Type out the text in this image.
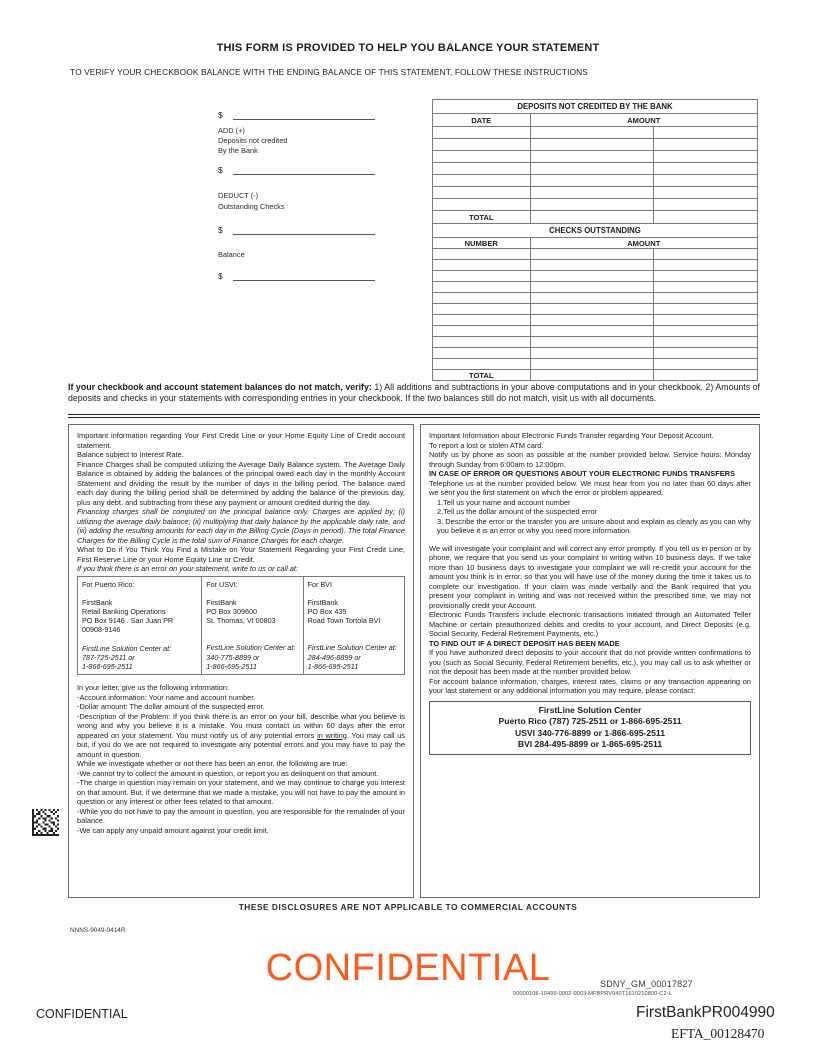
THIS FORM IS PROVIDED TO HELP YOU BALANCE YOUR STATEMENT
TO VERIFY YOUR CHECKBOOK BALANCE WITH THE ENDING BALANCE OF THIS STATEMENT, FOLLOW THESE INSTRUCTIONS
$
ADD (+)
Deposits not credited
By the Bank
$
DEDUCT (-)
Outstanding Checks
$
Balance
$
DEPOSITS NOT CREDITED BY THE BANK		
DATE	AMOUNT	

TOTAL		
CHECKS OUTSTANDING		
NUMBER	AMOUNT	

TOTAL		
If your checkbook and account statement balances do not match, verify: 1) All additions and subtractions in your above computations and in your checkbook. 2) Amounts of deposits and checks in your statements with corresponding entries in your checkbook. If the two balances still do not match, visit us with all documents.

Important information regarding Your First Credit Line or your Home Equity Line of Credit account statement.

Balance subject to Interest Rate.

Finance Charges shall be computed utilizing the Average Daily Balance system. The Average Daily Balance is obtained by adding the balances of the principal owed each day in the monthly Account Statement and dividing the result by the number of days in the billing period. The balance owed each day during the billing period shall be determined by adding the balance of the previous day, plus any debt, and subtracting from these any payment or amount credited during the day.

Financing charges shall be computed on the principal balance only. Charges are applied by; (i) utilizing the average daily balance; (ii) multiplying that daily balance by the applicable daily rate, and (iii) adding the resulting amounts for each day in the Billing Cycle (Days in period). The total Finance Charges for the Billing Cycle is the total sum of Finance Charges for each charge.

What to Do if You Think You Find a Mistake on Your Statement Regarding your First Credit Line, First Reserve Line or your Home Equity Line or Credit.

If you think there is an error on your statement, write to us or call at:

For Puerto Rico:
FirstBank
Retail Banking Operations
PO Box 9146 . San Juan PR
00908-9146
FirstLine Solution Center at:
787-725-2511 or
1-866-695-2511

For USVI:
FirstBank
PO Box 309600
St. Thomas, VI 00803
FirstLine Solution Center at:
340-775-8899 or
1-866-695-2511

For BVI
FirstBank
PO Box 435
Road Town Tortola BVI
FirstLine Solution Center at:
284-496-8899 or
1-866-695-2511
In your letter, give us the following information:
-Account information: Your name and account number.
-Dollar amount: The dollar amount of the suspected error.
-Description of the Problem: If you think there is an error on your bill, describe what you believe is wrong and why you believe it is a mistake. You must contact us within 60 days after the error appeared on your statement. You must notify us of any potential errors in writing. You may call us but, if you do we are not required to investigate any potential errors and you may have to pay the amount in question.
While we investigate whether or not there has been an error, the following are true:
-We cannot try to collect the amount in question, or report you as delinquent on that amount.
-The charge in question may remain on your statement, and we may continue to charge you interest on that amount. But, if we determine that we made a mistake, you will not have to pay the amount in question or any interest or other fees related to that amount.
-While you do not have to pay the amount in question, you are responsible for the remainder of your balance.
-We can apply any unpaid amount against your credit limit.

Important Information about Electronic Funds Transfer regarding Your Deposit Account.

To report a lost or stolen ATM card.

Notify us by phone as soon as possible at the number provided below. Service hours: Monday through Sunday from 6:00am to 12:00pm.

IN CASE OF ERROR OR QUESTIONS ABOUT YOUR ELECTRONIC FUNDS TRANSFERS

Telephone us at the number provided below. We must hear from you no later than 60 days after we sent you the first statement on which the error or problem appeared.

1.Tell us your name and account number
2.Tell us the dollar amount of the suspected error
3. Describe the error or the transfer you are unsure about and explain as clearly as you can why you believe it is an error or why you need more information.

We will investigate your complaint and will correct any error promptly. If you tell us in person or by phone, we require that you send us your complaint in writing within 10 business days. If we take more than 10 business days to investigate your complaint we will re-credit your account for the amount you think is in error, so that you will have use of the money during the time it takes us to complete our investigation. If your claim was made verbally and the Bank required that you present your complaint in writing and was not received within the prescribed time, we may not provisionally credit your Account.

Electronic Funds Transfers include electronic transactions initiated through an Automated Teller Machine or certain preauthorized debits and credits to your account, and Direct Deposits (e.g. Social Security, Federal Retirement Payments, etc.)

TO FIND OUT IF A DIRECT DEPOSIT HAS BEEN MADE

If you have authorized direct deposits to your account that do not provide written confirmations to you (such as Social Security, Federal Retirement benefits, etc.), you may call us to ask whether or not the deposit has been made at the number provided below.

For account balance information, charges, interest rates, claims or any transaction appearing on your last statement or any additional information you may require, please contact:

FirstLine Solution Center
Puerto Rico (787) 725-2511 or 1-866-695-2511
USVI 340-776-8899 or 1-866-695-2511
BVI 284-495-8899 or 1-865-695-2511
THESE DISCLOSURES ARE NOT APPLICABLE TO COMMERCIAL ACCOUNTS
NNNS-9049-0414R
CONFIDENTIAL	SDNY_GM_00017827
00000106-10499-0002-0003-MFBPRV040T1610210800-C2-L
CONFIDENTIAL	FirstBankPR004990
EFTA_00128470
